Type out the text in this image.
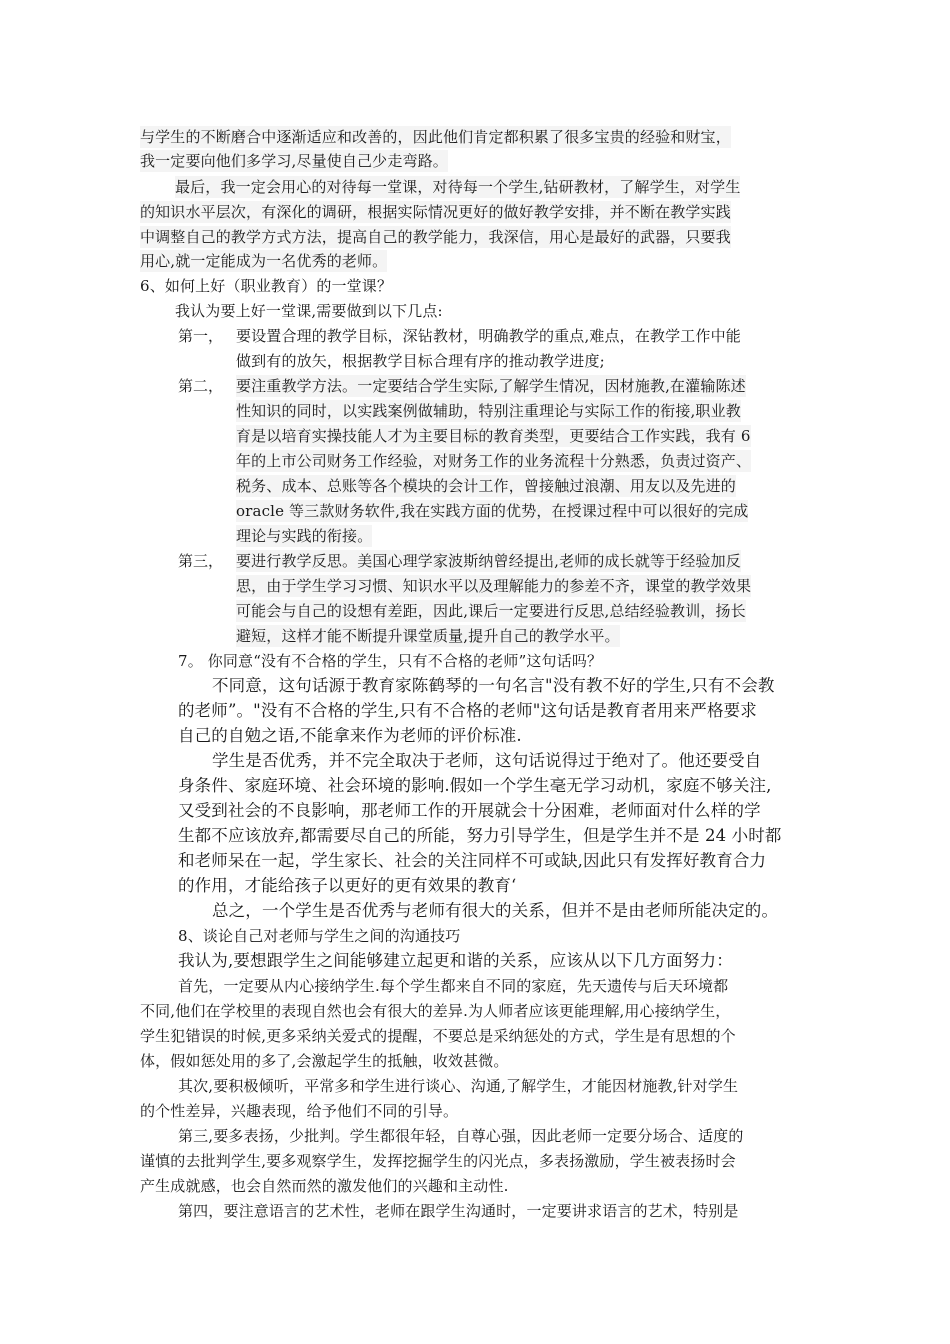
与学生的不断磨合中逐渐适应和改善的，因此他们肯定都积累了很多宝贵的经验和财宝，
我一定要向他们多学习,尽量使自己少走弯路。
最后，我一定会用心的对待每一堂课，对待每一个学生,钻研教材，了解学生，对学生
的知识水平层次，有深化的调研，根据实际情况更好的做好教学安排，并不断在教学实践
中调整自己的教学方式方法，提高自己的教学能力，我深信，用心是最好的武器，只要我
用心,就一定能成为一名优秀的老师。
6、如何上好（职业教育）的一堂课？
我认为要上好一堂课,需要做到以下几点:
第一， 要设置合理的教学目标，深钻教材，明确教学的重点,难点，在教学工作中能
做到有的放矢，根据教学目标合理有序的推动教学进度;
第二， 要注重教学方法。一定要结合学生实际,了解学生情况，因材施教,在灌输陈述
性知识的同时，以实践案例做辅助，特别注重理论与实际工作的衔接,职业教
育是以培育实操技能人才为主要目标的教育类型，更要结合工作实践，我有 6
年的上市公司财务工作经验，对财务工作的业务流程十分熟悉，负责过资产、
税务、成本、总账等各个模块的会计工作，曾接触过浪潮、用友以及先进的
oracle 等三款财务软件,我在实践方面的优势，在授课过程中可以很好的完成
理论与实践的衔接。
第三， 要进行教学反思。美国心理学家波斯纳曾经提出,老师的成长就等于经验加反
思，由于学生学习习惯、知识水平以及理解能力的参差不齐，课堂的教学效果
可能会与自己的设想有差距，因此,课后一定要进行反思,总结经验教训，扬长
避短，这样才能不断提升课堂质量,提升自己的教学水平。
7。 你同意“没有不合格的学生，只有不合格的老师”这句话吗？
不同意，这句话源于教育家陈鹤琴的一句名言"没有教不好的学生,只有不会教
的老师”。"没有不合格的学生,只有不合格的老师"这句话是教育者用来严格要求
自己的自勉之语,不能拿来作为老师的评价标准.
学生是否优秀，并不完全取决于老师，这句话说得过于绝对了。他还要受自
身条件、家庭环境、社会环境的影响.假如一个学生毫无学习动机，家庭不够关注,
又受到社会的不良影响，那老师工作的开展就会十分困难，老师面对什么样的学
生都不应该放弃,都需要尽自己的所能，努力引导学生，但是学生并不是 24 小时都
和老师呆在一起，学生家长、社会的关注同样不可或缺,因此只有发挥好教育合力
的作用，才能给孩子以更好的更有效果的教育‘
总之，一个学生是否优秀与老师有很大的关系，但并不是由老师所能决定的。
8、谈论自己对老师与学生之间的沟通技巧
我认为,要想跟学生之间能够建立起更和谐的关系，应该从以下几方面努力：
首先，一定要从内心接纳学生.每个学生都来自不同的家庭，先天遗传与后天环境都
不同,他们在学校里的表现自然也会有很大的差异.为人师者应该更能理解,用心接纳学生，
学生犯错误的时候,更多采纳关爱式的提醒，不要总是采纳惩处的方式，学生是有思想的个
体，假如惩处用的多了,会激起学生的抵触，收效甚微。
其次,要积极倾听，平常多和学生进行谈心、沟通,了解学生，才能因材施教,针对学生
的个性差异，兴趣表现，给予他们不同的引导。
第三,要多表扬，少批判。学生都很年轻，自尊心强，因此老师一定要分场合、适度的
谨慎的去批判学生,要多观察学生，发挥挖掘学生的闪光点，多表扬激励，学生被表扬时会
产生成就感，也会自然而然的激发他们的兴趣和主动性.
第四，要注意语言的艺术性，老师在跟学生沟通时，一定要讲求语言的艺术，特别是
